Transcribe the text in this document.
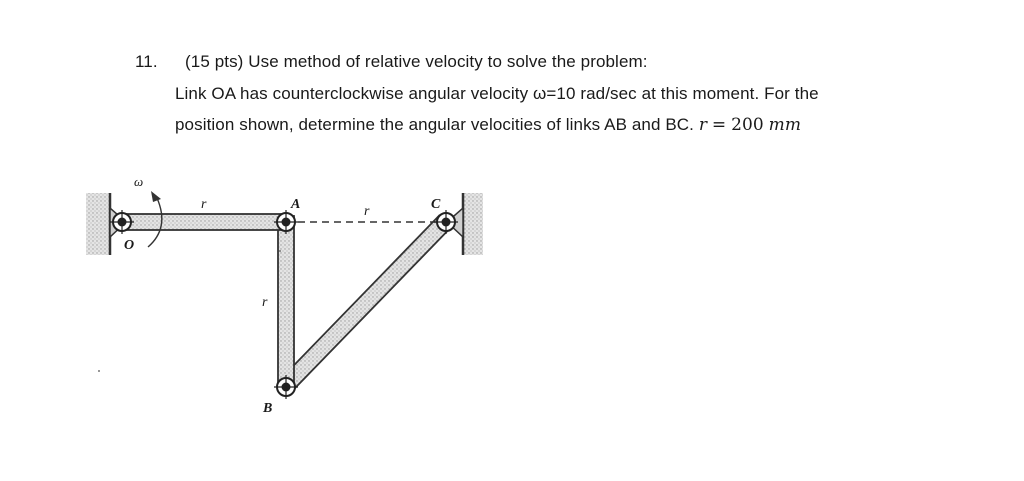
11. (15 pts) Use method of relative velocity to solve the problem:
Link OA has counterclockwise angular velocity ω=10 rad/sec at this moment. For the
position shown, determine the angular velocities of links AB and BC. r = 200 mm
ω
r	r
r
O
A
B
C
